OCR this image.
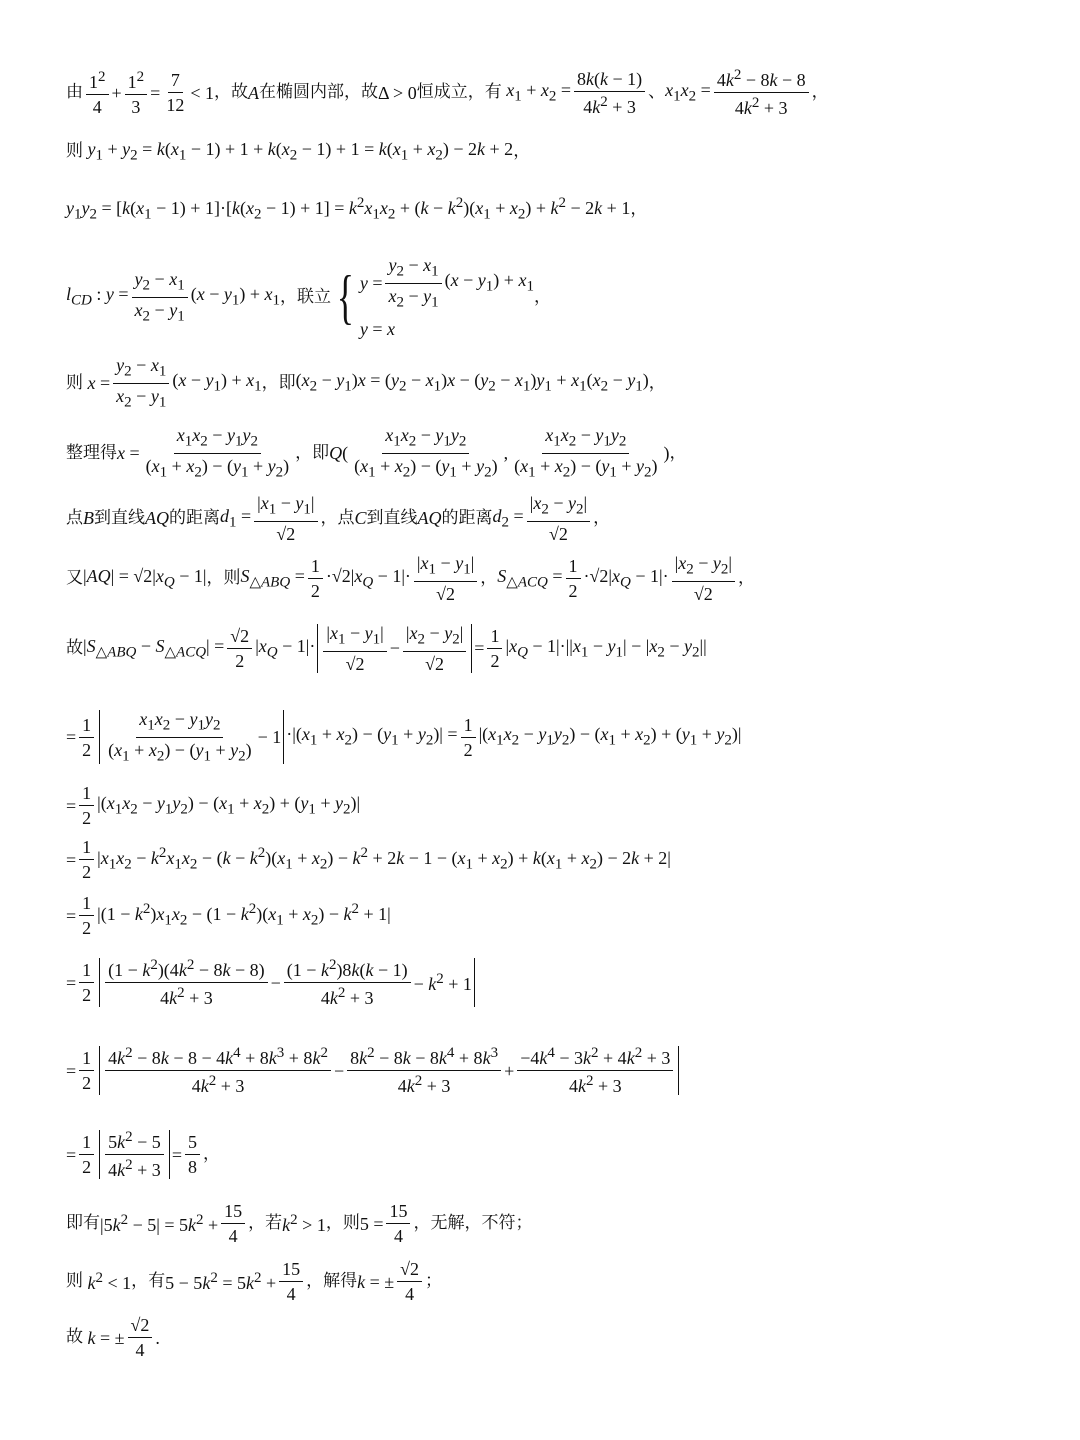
由 $\frac{1^2}{4} + \frac{1^2}{3} = \frac{7}{12} < 1$ ，故 A 在椭圆内部，故 Δ > 0 恒成立，有 $x_1 + x_2 = \frac{8k(k - 1)}{4k^2 + 3}$ 、 $x_1x_2 = \frac{4k^2 - 8k - 8}{4k^2 + 3}$ ，
则 $y_1 + y_2 = k(x_1 - 1) + 1 + k(x_2 - 1) + 1 = k(x_1 + x_2) - 2k + 2$ ，
$y_1y_2 = [k(x_1 - 1) + 1]\cdot[k(x_2 - 1) + 1] = k^2x_1x_2 + (k - k^2)(x_1 + x_2) + k^2 - 2k + 1$ ，
$l_{CD}$ : $y = \frac{y_2 - x_1}{x_2 - y_1} (x - y_1) + x_1$ ，联立 { $y = \frac{y_2 - x_1}{x_2 - y_1} (x - y_1) + x_1$
y = x
，
则 $x = \frac{y_2 - x_1}{x_2 - y_1} (x - y_1) + x_1$ ，即 $(x_2 - y_1)x = (y_2 - x_1)x - (y_2 - x_1)y_1 + x_1(x_2 - y_1)$ ，
整理得 $x = \frac{x_1x_2 - y_1y_2}{(x_1 + x_2) - (y_1 + y_2)}$ ，即 $Q( \frac{x_1x_2 - y_1y_2}{(x_1 + x_2) - (y_1 + y_2)}$ , $\frac{x_1x_2 - y_1y_2}{(x_1 + x_2) - (y_1 + y_2)}$ ) ，
点 B 到直线 AQ 的距离 $d_1 = \frac{|x_1 - y_1|}{√2}$ ，点 C 到直线 AQ 的距离 $d_2 = \frac{|x_2 - y_2|}{√2}$ ，
又 $|AQ| = √2|x_Q - 1|$ ，则 $S_{\triangle ABQ} = \frac{1}{2} \cdot√2|x_Q - 1|\cdot \frac{|x_1 - y_1|}{√2}$ ， $S_{\triangle ACQ} = \frac{1}{2} \cdot√2|x_Q - 1|\cdot \frac{|x_2 - y_2|}{√2}$ ，
故 $|S_{\triangle ABQ} - S_{\triangle ACQ}| = \frac{√2}{2} |x_Q - 1|\cdot \frac{|x_1 - y_1|}{√2} - \frac{|x_2 - y_2|}{√2} = \frac{1}{2} |x_Q - 1|\cdot||x_1 - y_1| - |x_2 - y_2||$
= $\frac{1}{2} \frac{x_1x_2 - y_1y_2}{(x_1 + x_2) - (y_1 + y_2)} - 1 \cdot|(x_1 + x_2) - (y_1 + y_2)| = \frac{1}{2} |(x_1x_2 - y_1y_2) - (x_1 + x_2) + (y_1 + y_2)|$
= $\frac{1}{2} |(x_1x_2 - y_1y_2) - (x_1 + x_2) + (y_1 + y_2)|$
= $\frac{1}{2} |x_1x_2 - k^2x_1x_2 - (k - k^2)(x_1 + x_2) - k^2 + 2k - 1 - (x_1 + x_2) + k(x_1 + x_2) - 2k + 2|$
= $\frac{1}{2} |(1 - k^2)x_1x_2 - (1 - k^2)(x_1 + x_2) - k^2 + 1|$
= $\frac{1}{2} \frac{(1 - k^2)(4k^2 - 8k - 8)}{4k^2 + 3} - \frac{(1 - k^2)8k(k - 1)}{4k^2 + 3} - k^2 + 1$
= $\frac{1}{2} \frac{4k^2 - 8k - 8 - 4k^4 + 8k^3 + 8k^2}{4k^2 + 3} - \frac{8k^2 - 8k - 8k^4 + 8k^3}{4k^2 + 3} + \frac{-4k^4 - 3k^2 + 4k^2 + 3}{4k^2 + 3}$
= $\frac{1}{2} \frac{5k^2 - 5}{4k^2 + 3} = \frac{5}{8}$ ，
即有 $|5k^2 - 5| = 5k^2 + \frac{15}{4}$ ，若 $k^2 > 1$ ，则 $5 = \frac{15}{4}$ ，无解，不符；
则 $k^2 < 1$ ，有 $5 - 5k^2 = 5k^2 + \frac{15}{4}$ ，解得 k = ± $\frac{√2}{4}$ ；
故 k = ± $\frac{√2}{4}$ .
